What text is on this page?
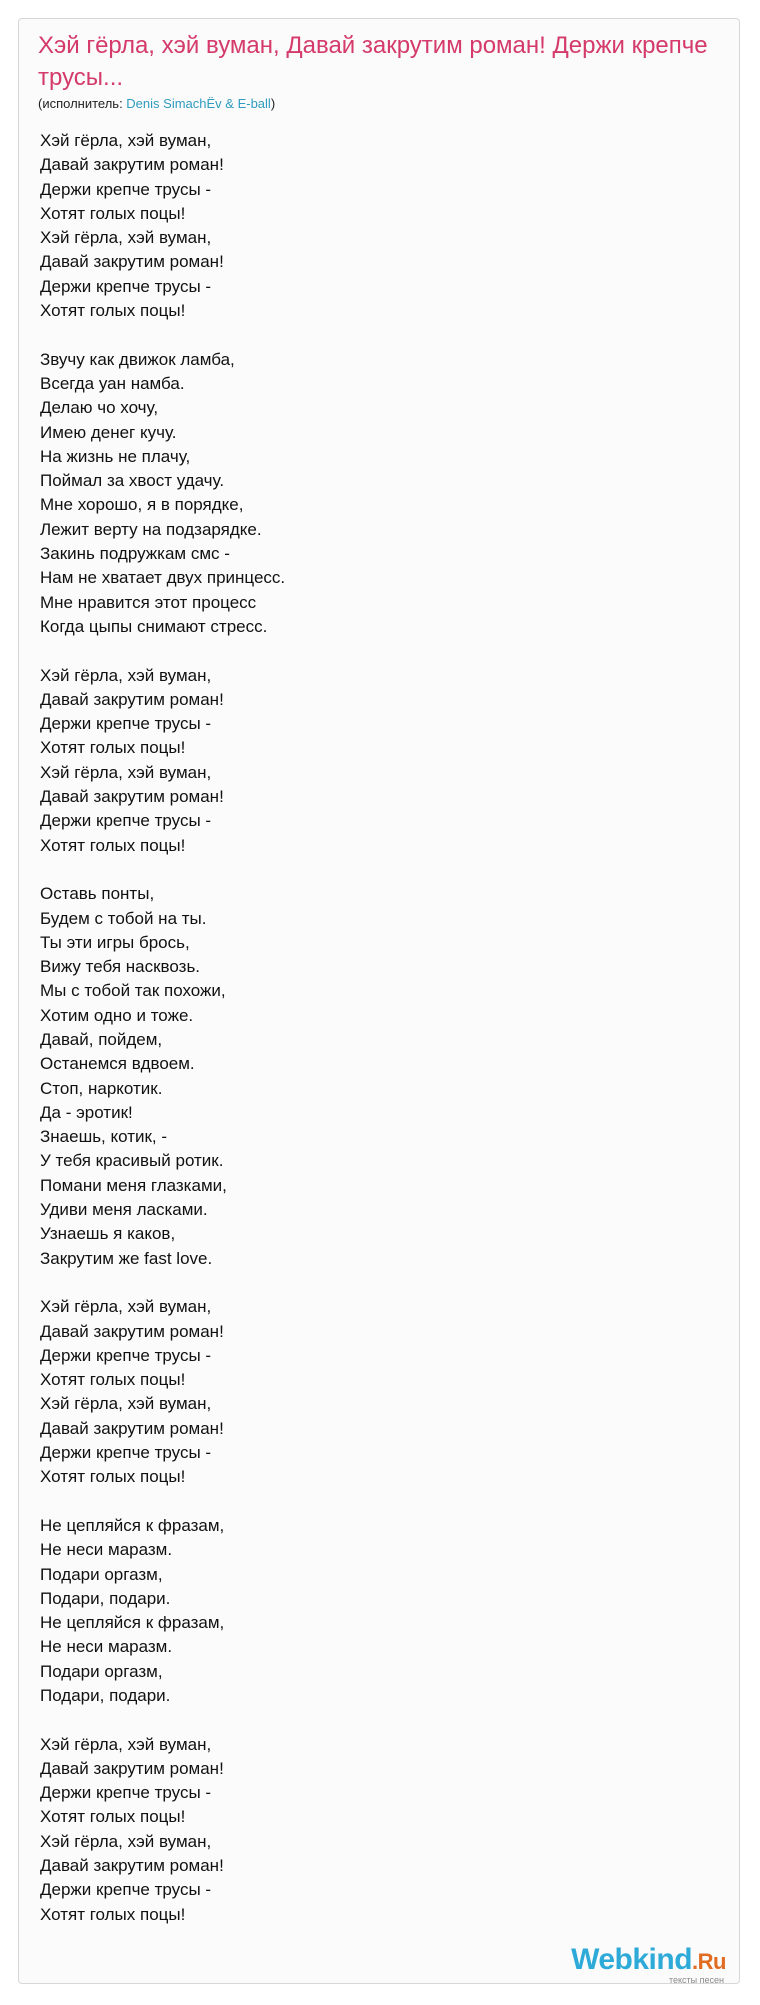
Хэй гёрла, хэй вуман, Давай закрутим роман! Держи крепче трусы...
(исполнитель: Denis SimachЁv & E-ball)
Хэй гёрла, хэй вуман,
Давай закрутим роман!
Держи крепче трусы -
Хотят голых поцы!
Хэй гёрла, хэй вуман,
Давай закрутим роман!
Держи крепче трусы -
Хотят голых поцы!
Звучу как движок ламба,
Всегда уан намба.
Делаю чо хочу,
Имею денег кучу.
На жизнь не плачу,
Поймал за хвост удачу.
Мне хорошо, я в порядке,
Лежит верту на подзарядке.
Закинь подружкам смс -
Нам не хватает двух принцесс.
Мне нравится этот процесс
Когда цыпы снимают стресс.
Хэй гёрла, хэй вуман,
Давай закрутим роман!
Держи крепче трусы -
Хотят голых поцы!
Хэй гёрла, хэй вуман,
Давай закрутим роман!
Держи крепче трусы -
Хотят голых поцы!
Оставь понты,
Будем с тобой на ты.
Ты эти игры брось,
Вижу тебя насквозь.
Мы с тобой так похожи,
Хотим одно и тоже.
Давай, пойдем,
Останемся вдвоем.
Стоп, наркотик.
Да - эротик!
Знаешь, котик, -
У тебя красивый ротик.
Помани меня глазками,
Удиви меня ласками.
Узнаешь я каков,
Закрутим же fast love.
Хэй гёрла, хэй вуман,
Давай закрутим роман!
Держи крепче трусы -
Хотят голых поцы!
Хэй гёрла, хэй вуман,
Давай закрутим роман!
Держи крепче трусы -
Хотят голых поцы!
Не цепляйся к фразам,
Не неси маразм.
Подари оргазм,
Подари, подари.
Не цепляйся к фразам,
Не неси маразм.
Подари оргазм,
Подари, подари.
Хэй гёрла, хэй вуман,
Давай закрутим роман!
Держи крепче трусы -
Хотят голых поцы!
Хэй гёрла, хэй вуман,
Давай закрутим роман!
Держи крепче трусы -
Хотят голых поцы!
Webkind.Ru
тексты песен
